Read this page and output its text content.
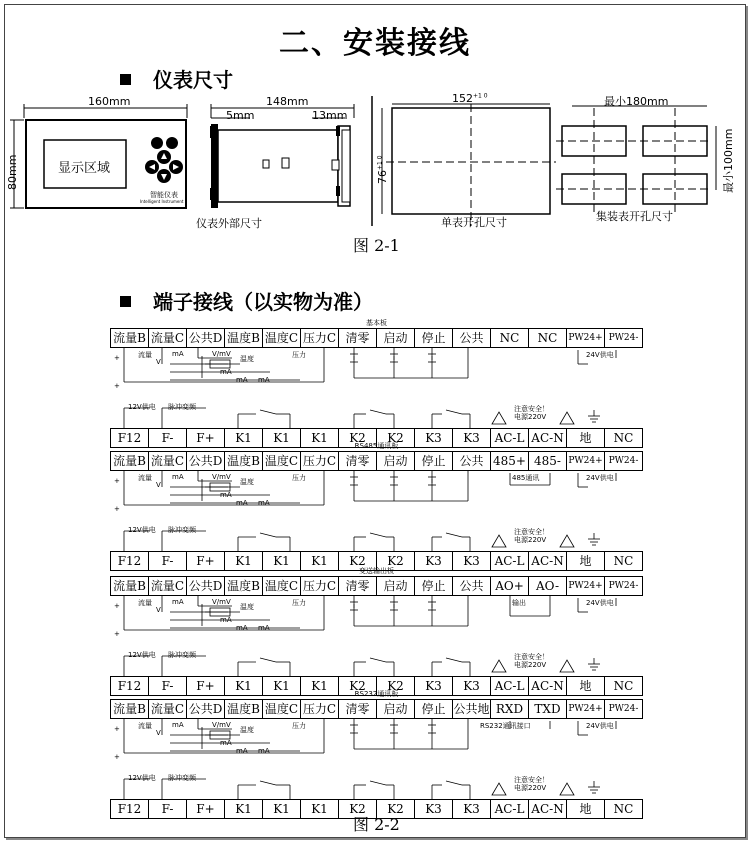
二、安装接线
仪表尺寸
160mm
80mm	显示区域
智能仪表
Intelligent Instrument
148mm
5mm	13mm
仪表外部尺寸
$152^{+1 0}$
$76^{+1 0}$
单表开孔尺寸
最小180mm
最小100mm
集装表开孔尺寸
图 2-1
端子接线（以实物为准）
基本板
流量B 流量C 公共D 温度B 温度C 压力C 清零	启动	停止	公共	NC	NC	PW24+ PW24-
F12	F-	F+	K1	K1	K1	K2	K2	K3	K3	AC-L AC-N	地	NC
流量	mA	V/mV
温度	压力
V
mA
mA mA
+
+
12V供电 脉冲变频	注意安全！
电源220V
24V供电
RS485通讯板
流量B 流量C 公共D 温度B 温度C 压力C 清零	启动	停止	公共 485+ 485- PW24+ PW24-
F12	F-	F+	K1	K1	K1	K2	K2	K3	K3	AC-L AC-N	地	NC
流量	mA	V/mV
温度	压力
V
mA
mA mA
+
+
12V供电 脉冲变频	注意安全！
电源220V
24V供电
485通讯
变送输出板
流量B 流量C 公共D 温度B 温度C 压力C 清零	启动	停止	公共 AO+	AO-	PW24+ PW24-
F12	F-	F+	K1	K1	K1	K2	K2	K3	K3	AC-L AC-N	地	NC
流量	mA	V/mV
温度	压力
V
mA
mA mA
+
+
12V供电 脉冲变频	注意安全！
电源220V
24V供电
输出
RS232通讯板
流量B 流量C 公共D 温度B 温度C 压力C 清零	启动	停止 公共地 RXD TXD PW24+ PW24-
F12	F-	F+	K1	K1	K1	K2	K2	K3	K3	AC-L AC-N	地	NC
流量	mA	V/mV
温度	压力
V
mA
mA mA
+
+
12V供电 脉冲变频	注意安全！
电源220V
24V供电
RS232通讯接口
图 2-2
